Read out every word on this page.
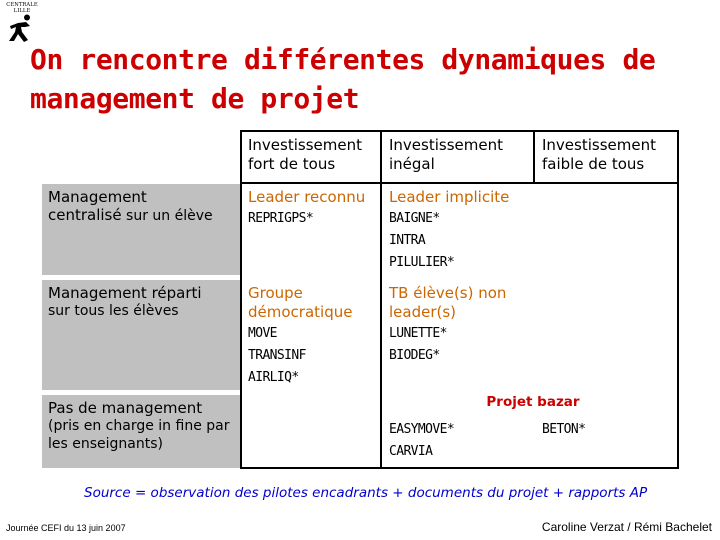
CENTRALE
LILLE
On rencontre différentes dynamiques de
management de projet
Investissement
fort de tous
Investissement
inégal
Investissement
faible de tous
Management
centralisé sur un élève
Management réparti
sur tous les élèves
Pas de management
(pris en charge in fine par
les enseignants)
Leader reconnu
REPRIGPS*
Leader implicite
BAIGNE*
INTRA
PILULIER*
Groupe
démocratique
MOVE
TRANSINF
AIRLIQ*
TB élève(s) non
leader(s)
LUNETTE*
BIODEG*
EASYMOVE*
CARVIA
BETON*
Projet bazar
Source = observation des pilotes encadrants + documents du projet + rapports AP
Journée CEFI du 13 juin 2007	Caroline Verzat / Rémi Bachelet
